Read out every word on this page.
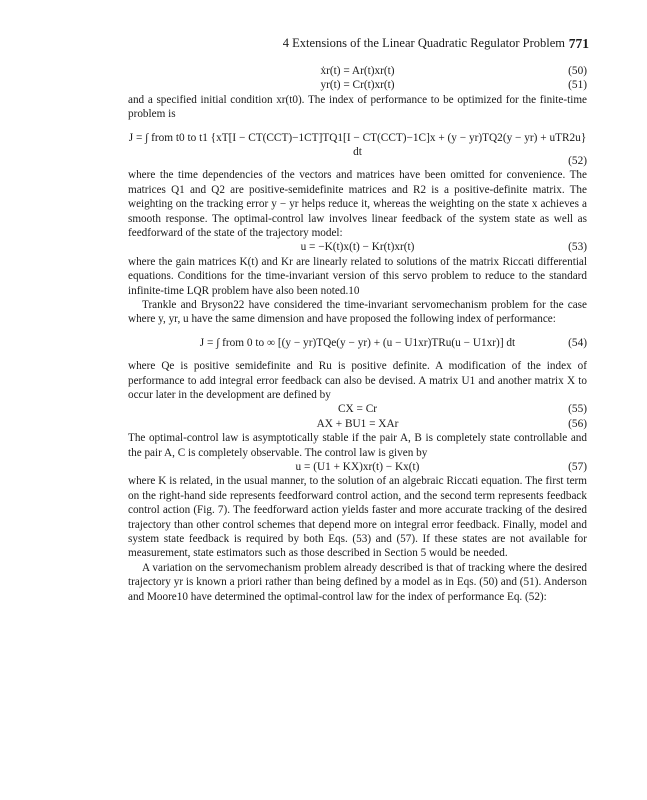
4 Extensions of the Linear Quadratic Regulator Problem 771
ẋr(t) = Ar(t)xr(t)	(50)
yr(t) = Cr(t)xr(t)	(51)

and a specified initial condition xr(t0). The index of performance to be optimized for the finite-time problem is

J = ∫ from t0 to t1 {xT[I − CT(CCT)−1CT]TQ1[I − CT(CCT)−1C]x + (y − yr)TQ2(y − yr) + uTR2u} dt
(52)

where the time dependencies of the vectors and matrices have been omitted for convenience. The matrices Q1 and Q2 are positive-semidefinite matrices and R2 is a positive-definite matrix. The weighting on the tracking error y − yr helps reduce it, whereas the weighting on the state x achieves a smooth response. The optimal-control law involves linear feedback of the system state as well as feedforward of the state of the trajectory model:

u = −K(t)x(t) − Kr(t)xr(t)	(53)

where the gain matrices K(t) and Kr are linearly related to solutions of the matrix Riccati differential equations. Conditions for the time-invariant version of this servo problem to reduce to the standard infinite-time LQR problem have also been noted.10

Trankle and Bryson22 have considered the time-invariant servomechanism problem for the case where y, yr, u have the same dimension and have proposed the following index of performance:

J = ∫ from 0 to ∞ [(y − yr)TQe(y − yr) + (u − U1xr)TRu(u − U1xr)] dt	(54)

where Qe is positive semidefinite and Ru is positive definite. A modification of the index of performance to add integral error feedback can also be devised. A matrix U1 and another matrix X to occur later in the development are defined by

CX = Cr	(55)
AX + BU1 = XAr	(56)

The optimal-control law is asymptotically stable if the pair A, B is completely state controllable and the pair A, C is completely observable. The control law is given by

u = (U1 + KX)xr(t) − Kx(t)	(57)

where K is related, in the usual manner, to the solution of an algebraic Riccati equation. The first term on the right-hand side represents feedforward control action, and the second term represents feedback control action (Fig. 7). The feedforward action yields faster and more accurate tracking of the desired trajectory than other control schemes that depend more on integral error feedback. Finally, model and system state feedback is required by both Eqs. (53) and (57). If these states are not available for measurement, state estimators such as those described in Section 5 would be needed.

A variation on the servomechanism problem already described is that of tracking where the desired trajectory yr is known a priori rather than being defined by a model as in Eqs. (50) and (51). Anderson and Moore10 have determined the optimal-control law for the index of performance Eq. (52):
